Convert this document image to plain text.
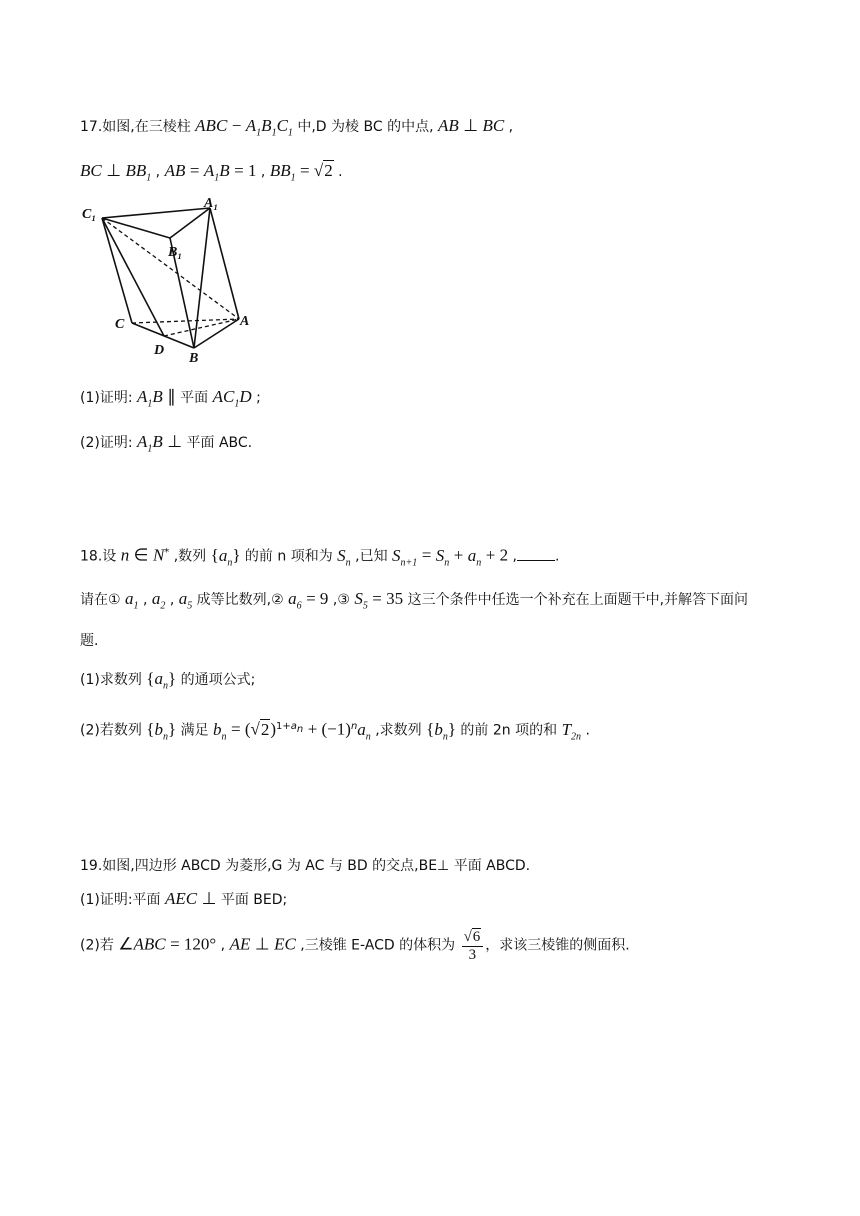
17.如图,在三棱柱 ABC − $A_1B_1C_1$ 中,D 为棱 BC 的中点, AB ⊥ BC ,
BC ⊥ $BB_1$ , AB = $A_1B = 1$ , $BB_1 = √2$ .
C₁
A₁
B₁
C	A
D
B
(1)证明: $A_1B$ ∥ 平面 $AC_1D$ ;
(2)证明: $A_1B$ ⊥ 平面 ABC.
18.设 n ∈ N* ,数列 $\{a_n\}$ 的前 n 项和为 $S_n$ ,已知 $S_{n+1} = S_n + a_n + 2$ ,	.
请在① $a_1$ , $a_2$ , $a_5$ 成等比数列,② $a_6 = 9$ ,③ $S_5 = 35$ 这三个条件中任选一个补充在上面题干中,并解答下面问
题.
(1)求数列 $\{a_n\}$ 的通项公式;
(2)若数列 $\{b_n\}$ 满足 $b_n = (√2)^{1+a_n} + (-1)^na_n$ ,求数列 $\{b_n\}$ 的前 2n 项的和 $T_{2n}$ .
19.如图,四边形 ABCD 为菱形,G 为 AC 与 BD 的交点,BE⊥ 平面 ABCD.
(1)证明:平面 AEC ⊥ 平面 BED;
(2)若 ∠ABC = 120° , AE ⊥ EC ,三棱锥 E-ACD 的体积为 $\frac{√6}{3}$ ，求该三棱锥的侧面积.
